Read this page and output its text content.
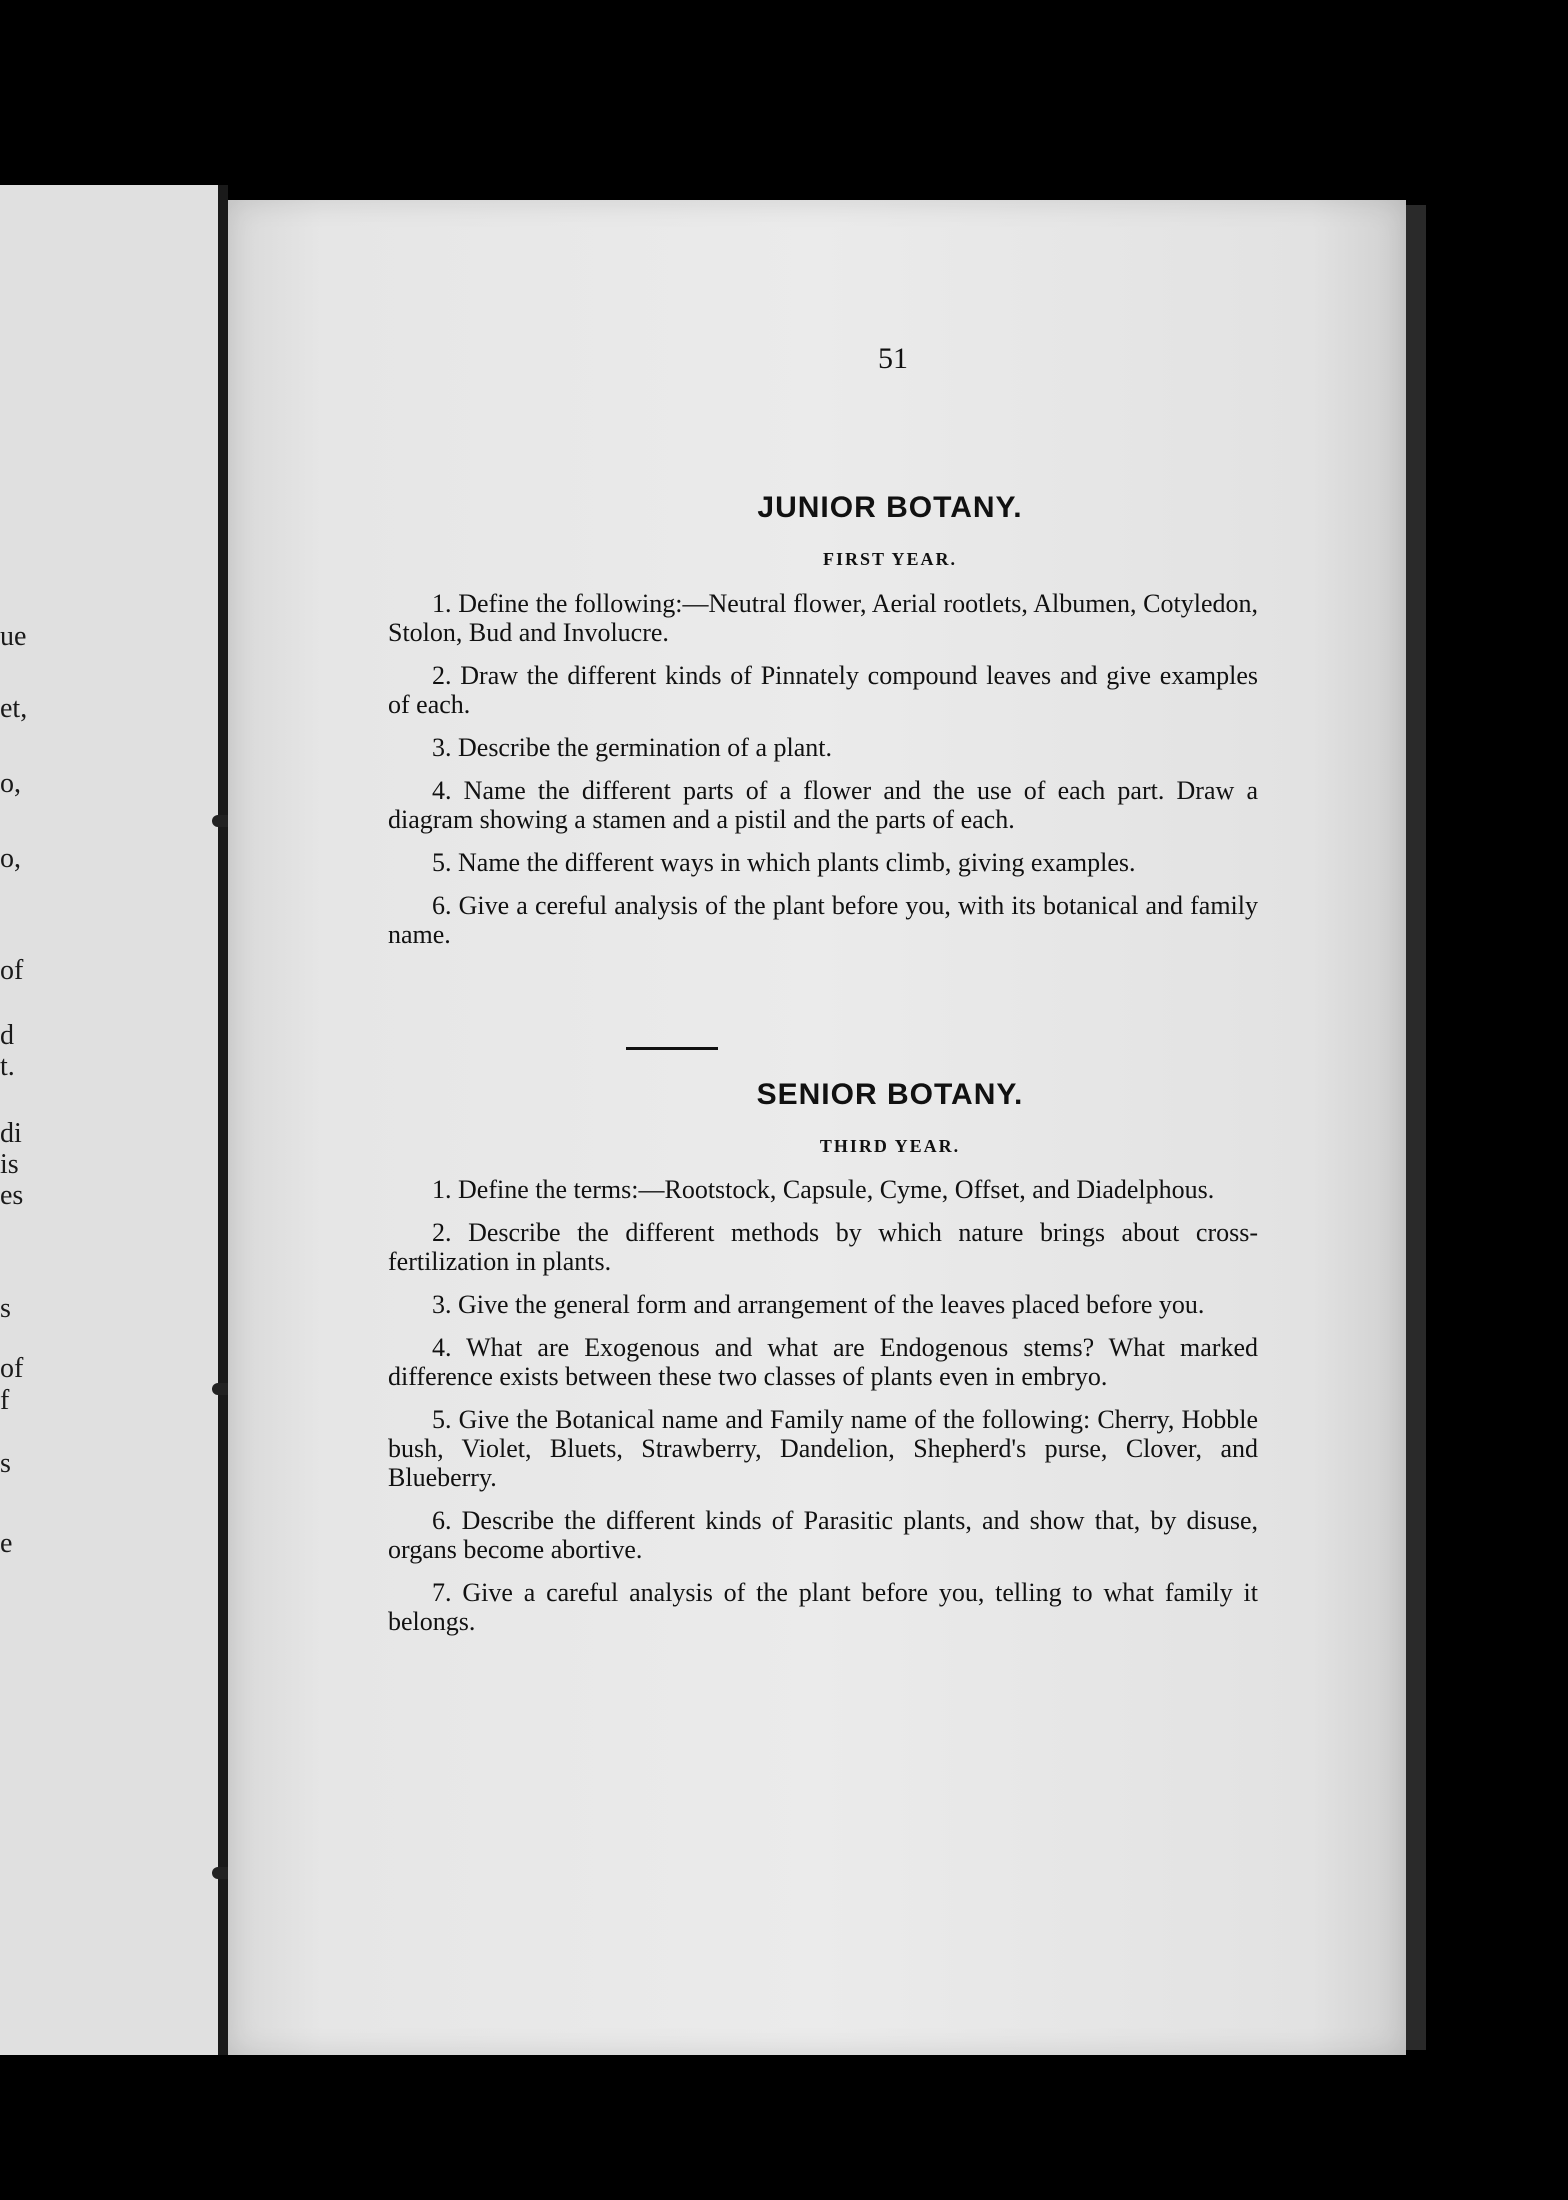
ue
et,
o,
o,
of
d
t.
di
is
es
s
of
f
s
e
51
JUNIOR BOTANY.
FIRST YEAR.
1. Define the following:—Neutral flower, Aerial rootlets, Albumen, Cotyledon, Stolon, Bud and Involucre.
2. Draw the different kinds of Pinnately compound leaves and give examples of each.
3. Describe the germination of a plant.
4. Name the different parts of a flower and the use of each part. Draw a diagram showing a stamen and a pistil and the parts of each.
5. Name the different ways in which plants climb, giving examples.
6. Give a cereful analysis of the plant before you, with its botanical and family name.
SENIOR BOTANY.
THIRD YEAR.
1. Define the terms:—Rootstock, Capsule, Cyme, Offset, and Diadelphous.
2. Describe the different methods by which nature brings about cross-fertilization in plants.
3. Give the general form and arrangement of the leaves placed before you.
4. What are Exogenous and what are Endogenous stems? What marked difference exists between these two classes of plants even in embryo.
5. Give the Botanical name and Family name of the following: Cherry, Hobble bush, Violet, Bluets, Strawberry, Dandelion, Shepherd's purse, Clover, and Blueberry.
6. Describe the different kinds of Parasitic plants, and show that, by disuse, organs become abortive.
7. Give a careful analysis of the plant before you, telling to what family it belongs.
